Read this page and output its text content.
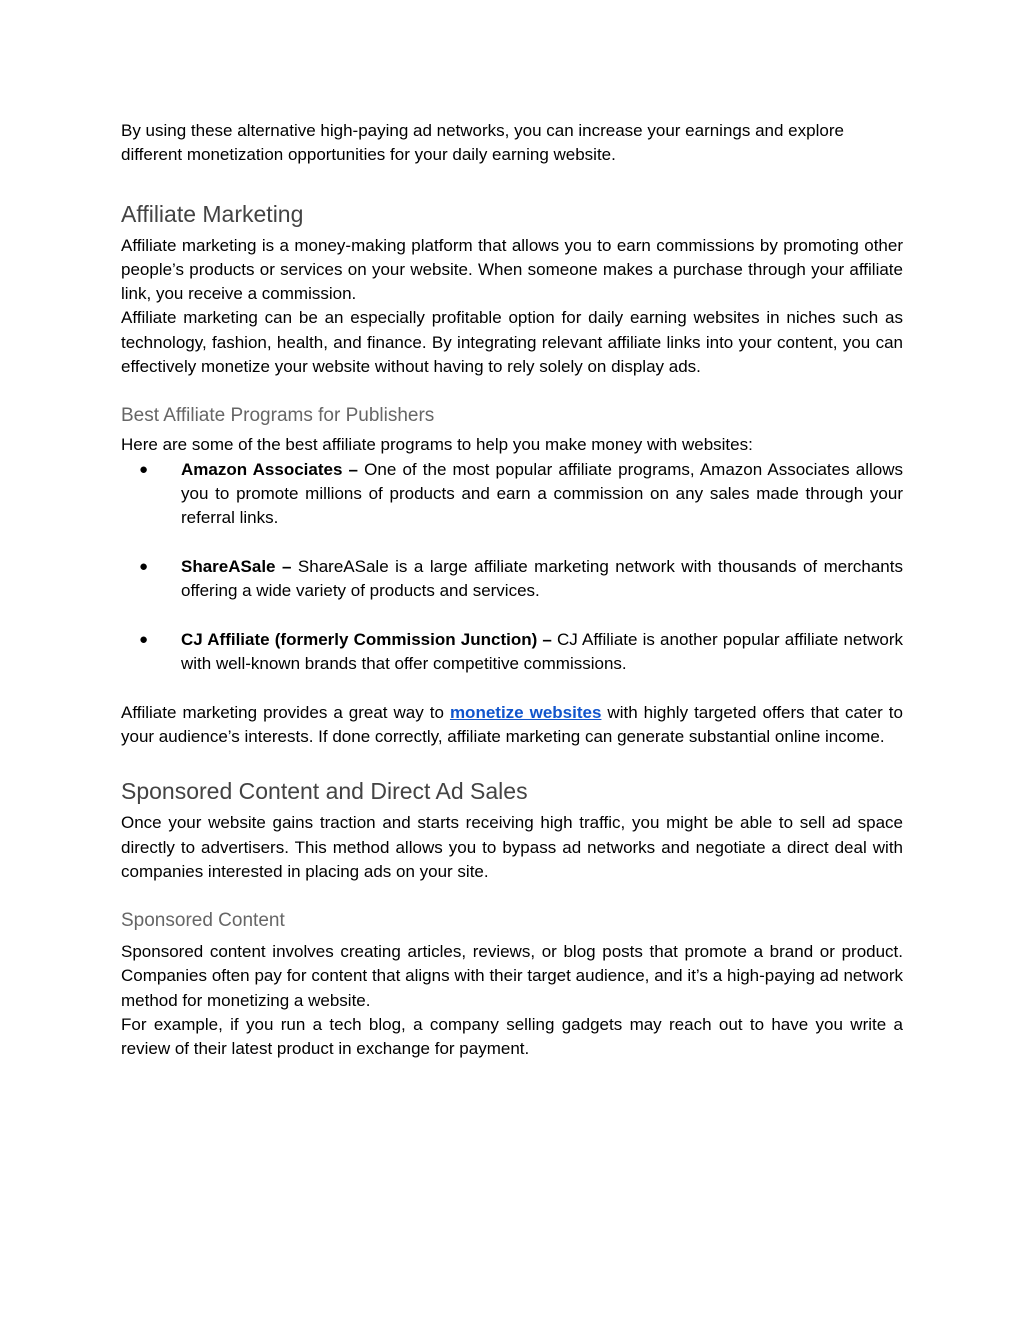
By using these alternative high-paying ad networks, you can increase your earnings and explore different monetization opportunities for your daily earning website.

Affiliate Marketing

Affiliate marketing is a money-making platform that allows you to earn commissions by promoting other people’s products or services on your website. When someone makes a purchase through your affiliate link, you receive a commission.

Affiliate marketing can be an especially profitable option for daily earning websites in niches such as technology, fashion, health, and finance. By integrating relevant affiliate links into your content, you can effectively monetize your website without having to rely solely on display ads.

Best Affiliate Programs for Publishers

Here are some of the best affiliate programs to help you make money with websites:

● Amazon Associates – One of the most popular affiliate programs, Amazon Associates allows you to promote millions of products and earn a commission on any sales made through your referral links.
● ShareASale – ShareASale is a large affiliate marketing network with thousands of merchants offering a wide variety of products and services.
● CJ Affiliate (formerly Commission Junction) – CJ Affiliate is another popular affiliate network with well-known brands that offer competitive commissions.

Affiliate marketing provides a great way to monetize websites with highly targeted offers that cater to your audience’s interests. If done correctly, affiliate marketing can generate substantial online income.

Sponsored Content and Direct Ad Sales

Once your website gains traction and starts receiving high traffic, you might be able to sell ad space directly to advertisers. This method allows you to bypass ad networks and negotiate a direct deal with companies interested in placing ads on your site.

Sponsored Content

Sponsored content involves creating articles, reviews, or blog posts that promote a brand or product. Companies often pay for content that aligns with their target audience, and it’s a high-paying ad network method for monetizing a website.

For example, if you run a tech blog, a company selling gadgets may reach out to have you write a review of their latest product in exchange for payment.
